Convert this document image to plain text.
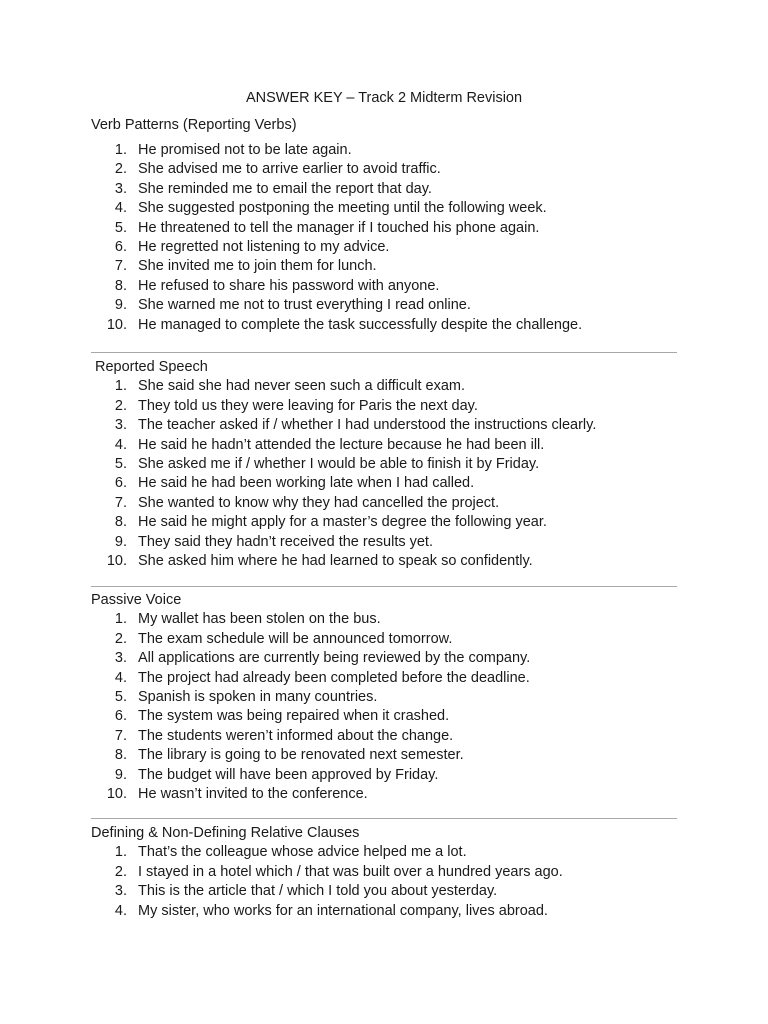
ANSWER KEY – Track 2 Midterm Revision
Verb Patterns (Reporting Verbs)
1. He promised not to be late again.
2. She advised me to arrive earlier to avoid traffic.
3. She reminded me to email the report that day.
4. She suggested postponing the meeting until the following week.
5. He threatened to tell the manager if I touched his phone again.
6. He regretted not listening to my advice.
7. She invited me to join them for lunch.
8. He refused to share his password with anyone.
9. She warned me not to trust everything I read online.
10. He managed to complete the task successfully despite the challenge.
Reported Speech
1. She said she had never seen such a difficult exam.
2. They told us they were leaving for Paris the next day.
3. The teacher asked if / whether I had understood the instructions clearly.
4. He said he hadn’t attended the lecture because he had been ill.
5. She asked me if / whether I would be able to finish it by Friday.
6. He said he had been working late when I had called.
7. She wanted to know why they had cancelled the project.
8. He said he might apply for a master’s degree the following year.
9. They said they hadn’t received the results yet.
10. She asked him where he had learned to speak so confidently.
Passive Voice
1. My wallet has been stolen on the bus.
2. The exam schedule will be announced tomorrow.
3. All applications are currently being reviewed by the company.
4. The project had already been completed before the deadline.
5. Spanish is spoken in many countries.
6. The system was being repaired when it crashed.
7. The students weren’t informed about the change.
8. The library is going to be renovated next semester.
9. The budget will have been approved by Friday.
10. He wasn’t invited to the conference.
Defining & Non-Defining Relative Clauses
1. That’s the colleague whose advice helped me a lot.
2. I stayed in a hotel which / that was built over a hundred years ago.
3. This is the article that / which I told you about yesterday.
4. My sister, who works for an international company, lives abroad.
